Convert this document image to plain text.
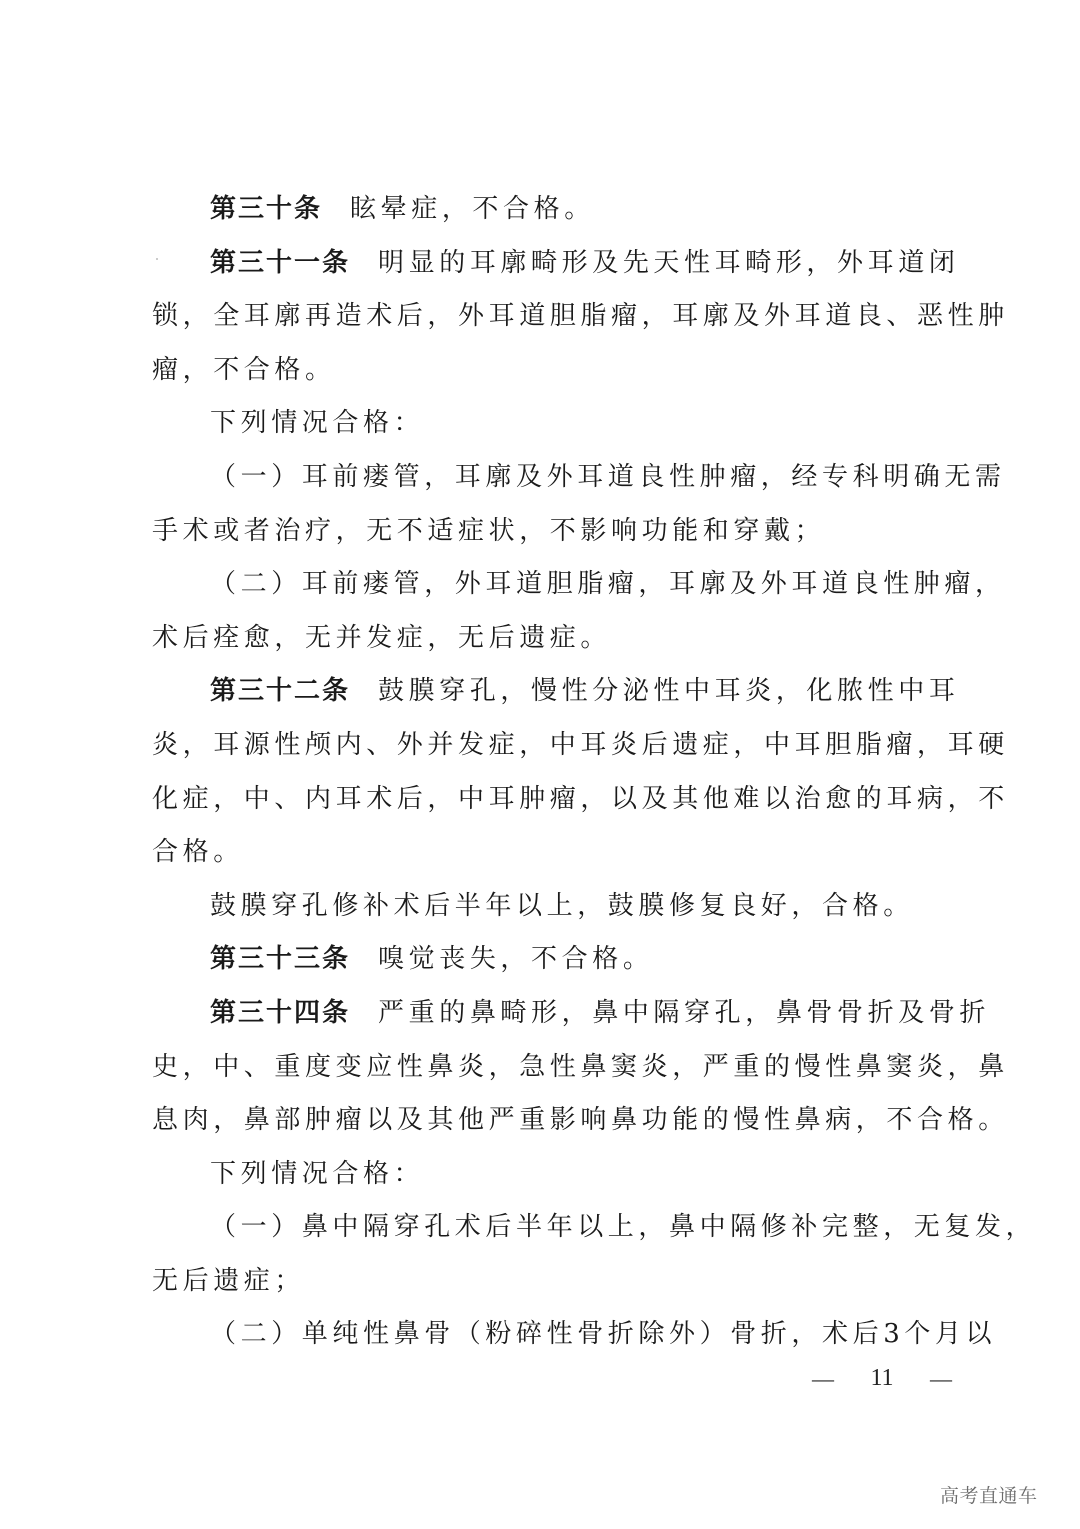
第三十条 眩晕症，不合格。
第三十一条 明显的耳廓畸形及先天性耳畸形，外耳道闭
锁，全耳廓再造术后，外耳道胆脂瘤，耳廓及外耳道良、恶性肿
瘤，不合格。
下列情况合格：
（一）耳前瘘管，耳廓及外耳道良性肿瘤，经专科明确无需
手术或者治疗，无不适症状，不影响功能和穿戴；
（二）耳前瘘管，外耳道胆脂瘤，耳廓及外耳道良性肿瘤，
术后痊愈，无并发症，无后遗症。
第三十二条 鼓膜穿孔，慢性分泌性中耳炎，化脓性中耳
炎，耳源性颅内、外并发症，中耳炎后遗症，中耳胆脂瘤，耳硬
化症，中、内耳术后，中耳肿瘤，以及其他难以治愈的耳病，不
合格。
鼓膜穿孔修补术后半年以上，鼓膜修复良好，合格。
第三十三条 嗅觉丧失，不合格。
第三十四条 严重的鼻畸形，鼻中隔穿孔，鼻骨骨折及骨折
史，中、重度变应性鼻炎，急性鼻窦炎，严重的慢性鼻窦炎，鼻
息肉，鼻部肿瘤以及其他严重影响鼻功能的慢性鼻病，不合格。
下列情况合格：
（一）鼻中隔穿孔术后半年以上，鼻中隔修补完整，无复发，
无后遗症；
（二）单纯性鼻骨（粉碎性骨折除外）骨折，术后3个月以
— 11 —
高考直通车
